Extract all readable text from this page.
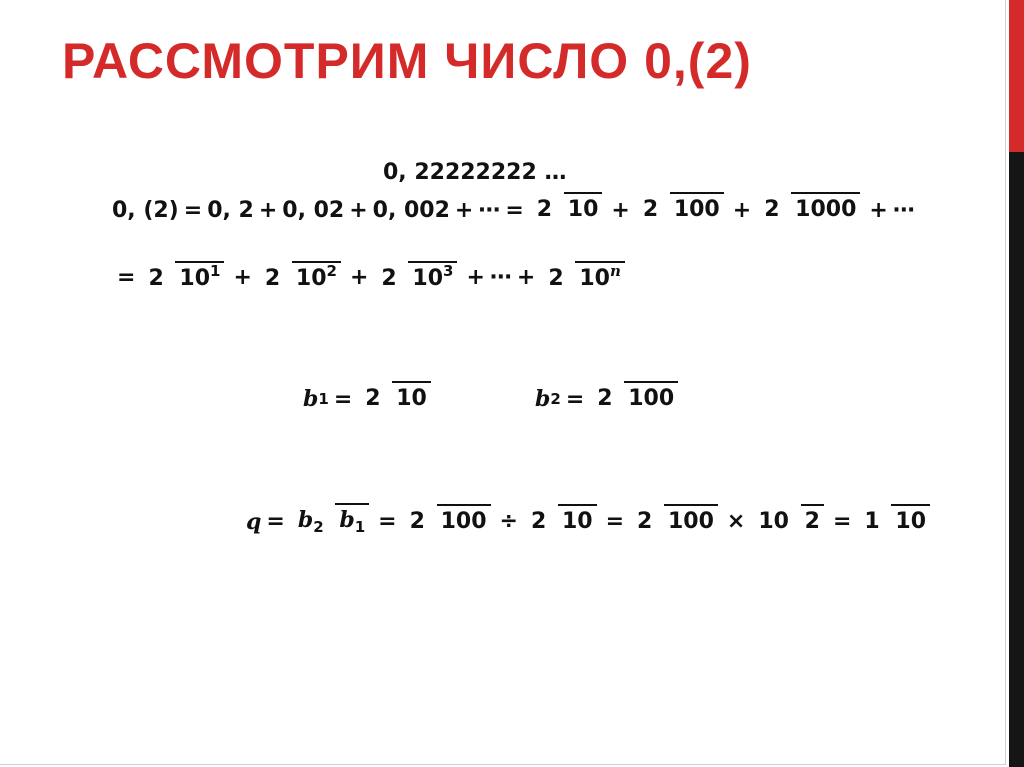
РАССМОТРИМ ЧИСЛО 0,(2)
0, 22222222 …
0, (2) = 0, 2 + 0, 02 + 0, 002 + ⋯ = 2 10 + 2 100 + 2 1000 + ⋯
= 2 $10^1 + 2$ $10^2 + 2$ $10^3$ + ⋯ + 2 10$^n$
b 1 = 2 10	b 2 = 2 100
$q = b_2$ $b_1 = 2$ 100 ÷ 2 10 = 2 100 × 10 2 = 1 10
